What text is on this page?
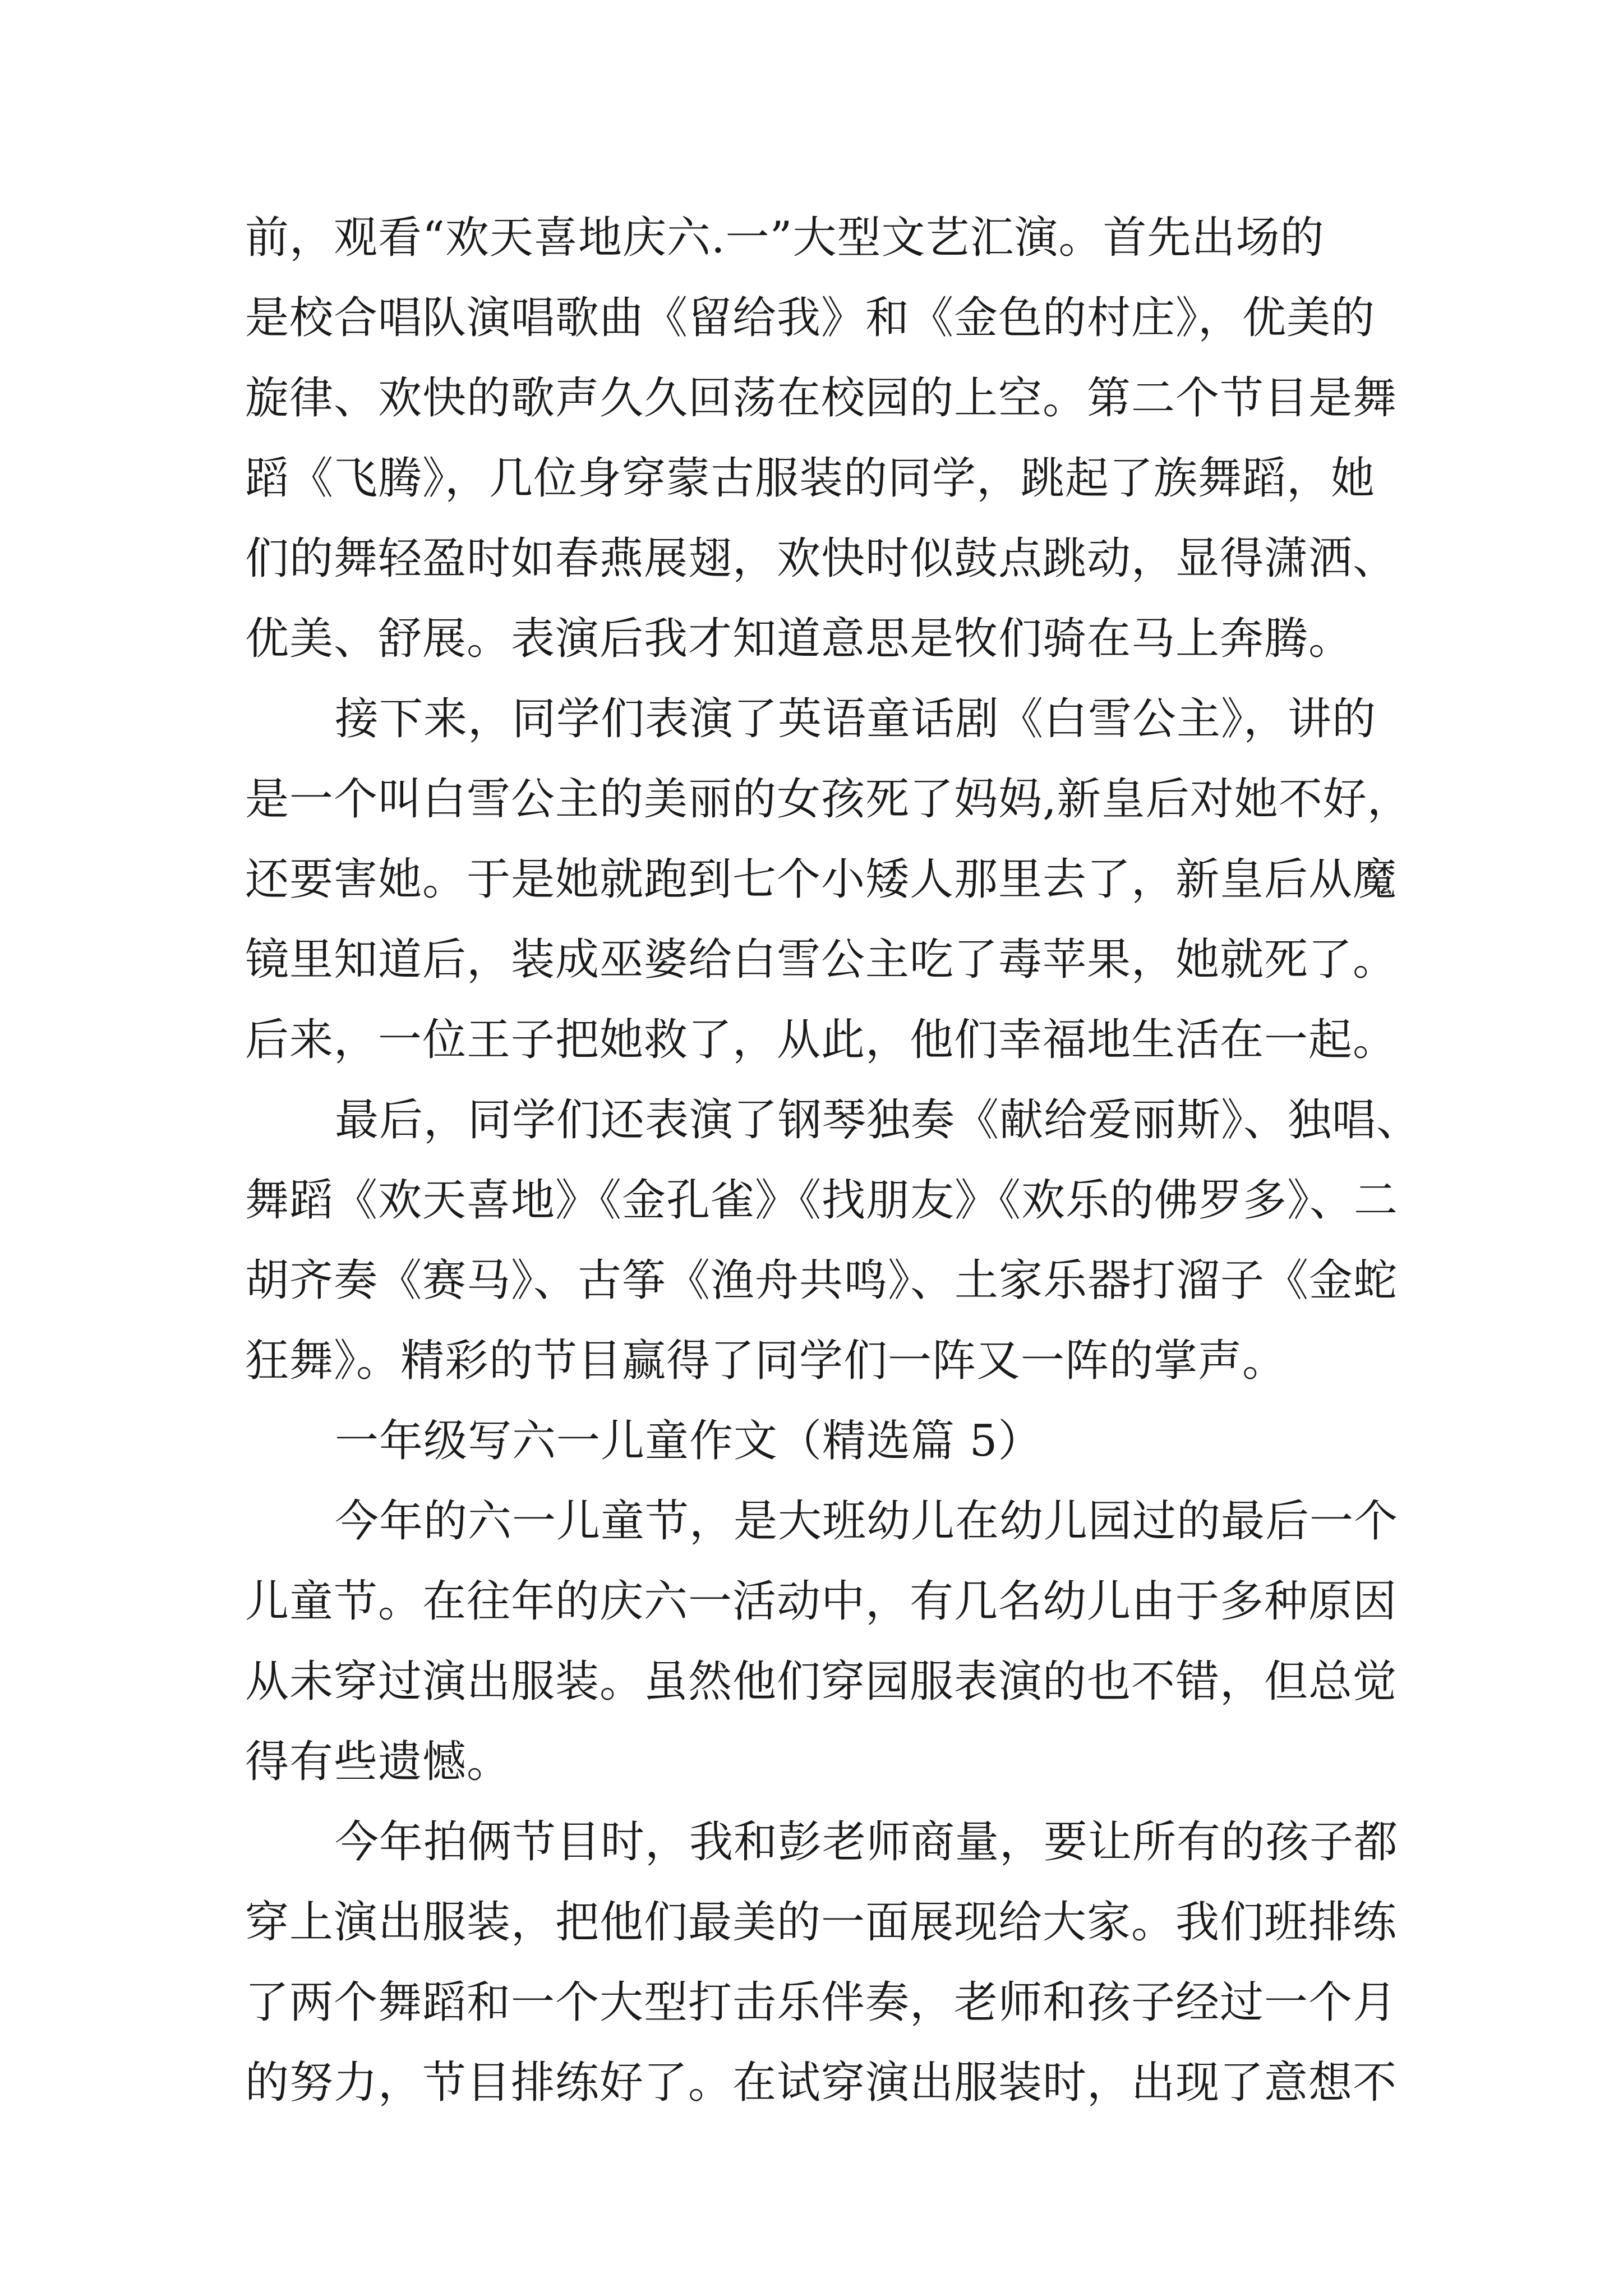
前，观看“欢天喜地庆六.一”大型文艺汇演。首先出场的
是校合唱队演唱歌曲《留给我》和《金色的村庄》，优美的
旋律、欢快的歌声久久回荡在校园的上空。第二个节目是舞
蹈《飞腾》，几位身穿蒙古服装的同学，跳起了族舞蹈，她
们的舞轻盈时如春燕展翅，欢快时似鼓点跳动，显得潇洒、
优美、舒展。表演后我才知道意思是牧们骑在马上奔腾。
接下来，同学们表演了英语童话剧《白雪公主》，讲的
是一个叫白雪公主的美丽的女孩死了妈妈,新皇后对她不好，
还要害她。于是她就跑到七个小矮人那里去了，新皇后从魔
镜里知道后，装成巫婆给白雪公主吃了毒苹果，她就死了。
后来，一位王子把她救了，从此，他们幸福地生活在一起。
最后，同学们还表演了钢琴独奏《献给爱丽斯》、独唱、
舞蹈《欢天喜地》《金孔雀》《找朋友》《欢乐的佛罗多》、二
胡齐奏《赛马》、古筝《渔舟共鸣》、土家乐器打溜子《金蛇
狂舞》。精彩的节目赢得了同学们一阵又一阵的掌声。
一年级写六一儿童作文（精选篇 5）
今年的六一儿童节，是大班幼儿在幼儿园过的最后一个
儿童节。在往年的庆六一活动中，有几名幼儿由于多种原因
从未穿过演出服装。虽然他们穿园服表演的也不错，但总觉
得有些遗憾。
今年拍俩节目时，我和彭老师商量，要让所有的孩子都
穿上演出服装，把他们最美的一面展现给大家。我们班排练
了两个舞蹈和一个大型打击乐伴奏，老师和孩子经过一个月
的努力，节目排练好了。在试穿演出服装时，出现了意想不
